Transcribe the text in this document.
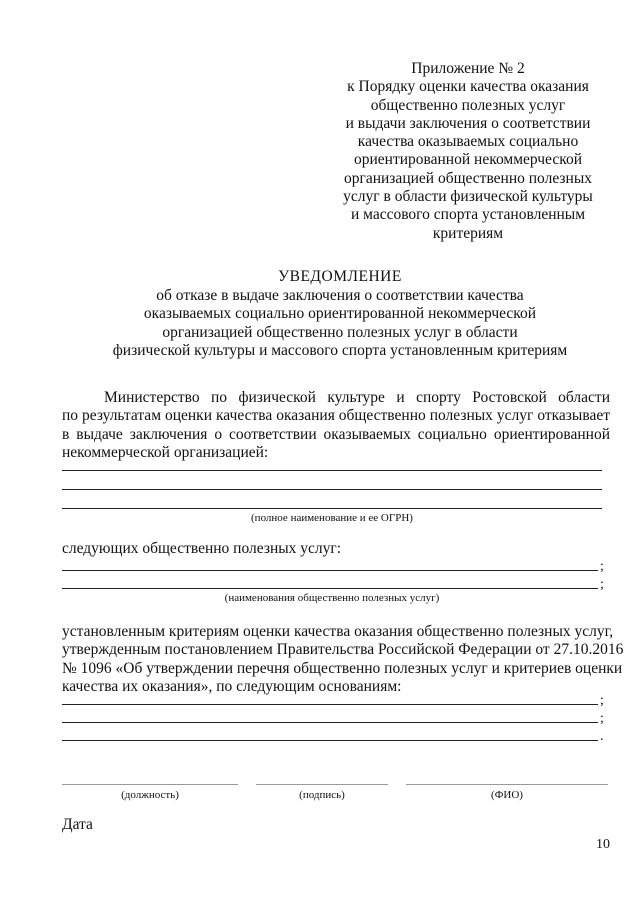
Приложение № 2
к Порядку оценки качества оказания
общественно полезных услуг
и выдачи заключения о соответствии
качества оказываемых социально
ориентированной некоммерческой
организацией общественно полезных
услуг в области физической культуры
и массового спорта установленным
критериям
УВЕДОМЛЕНИЕ
об отказе в выдаче заключения о соответствии качества
оказываемых социально ориентированной некоммерческой
организацией общественно полезных услуг в области
физической культуры и массового спорта установленным критериям
Министерство по физической культуре и спорту Ростовской области
по результатам оценки качества оказания общественно полезных услуг отказывает
в выдаче заключения о соответствии оказываемых социально ориентированной
некоммерческой организацией:
(полное наименование и ее ОГРН)
следующих общественно полезных услуг:
;
;
(наименования общественно полезных услуг)
установленным критериям оценки качества оказания общественно полезных услуг,
утвержденным постановлением Правительства Российской Федерации от 27.10.2016
№ 1096 «Об утверждении перечня общественно полезных услуг и критериев оценки
качества их оказания», по следующим основаниям:
;
;
.
(должность)	(подпись)	(ФИО)
Дата
10
